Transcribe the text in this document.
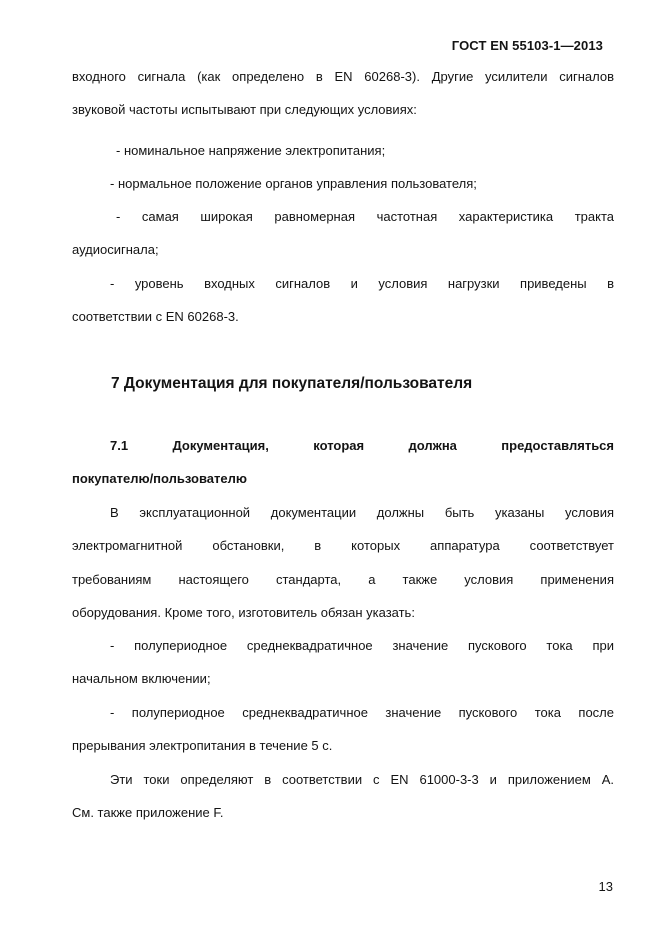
ГОСТ EN 55103-1—2013
входного сигнала (как определено в EN 60268-3). Другие усилители сигналов
звуковой частоты испытывают при следующих условиях:
- номинальное напряжение электропитания;
- нормальное положение органов управления пользователя;
- самая широкая равномерная частотная характеристика тракта
аудиосигнала;
- уровень входных сигналов и условия нагрузки приведены в
соответствии с EN 60268-3.
7 Документация для покупателя/пользователя
7.1 Документация, которая должна предоставляться
покупателю/пользователю
В эксплуатационной документации должны быть указаны условия
электромагнитной обстановки, в которых аппаратура соответствует
требованиям настоящего стандарта, а также условия применения
оборудования. Кроме того, изготовитель обязан указать:
- полупериодное среднеквадратичное значение пускового тока при
начальном включении;
- полупериодное среднеквадратичное значение пускового тока после
прерывания электропитания в течение 5 с.
Эти токи определяют в соответствии с EN 61000-3-3 и приложением А.
См. также приложение F.
13
